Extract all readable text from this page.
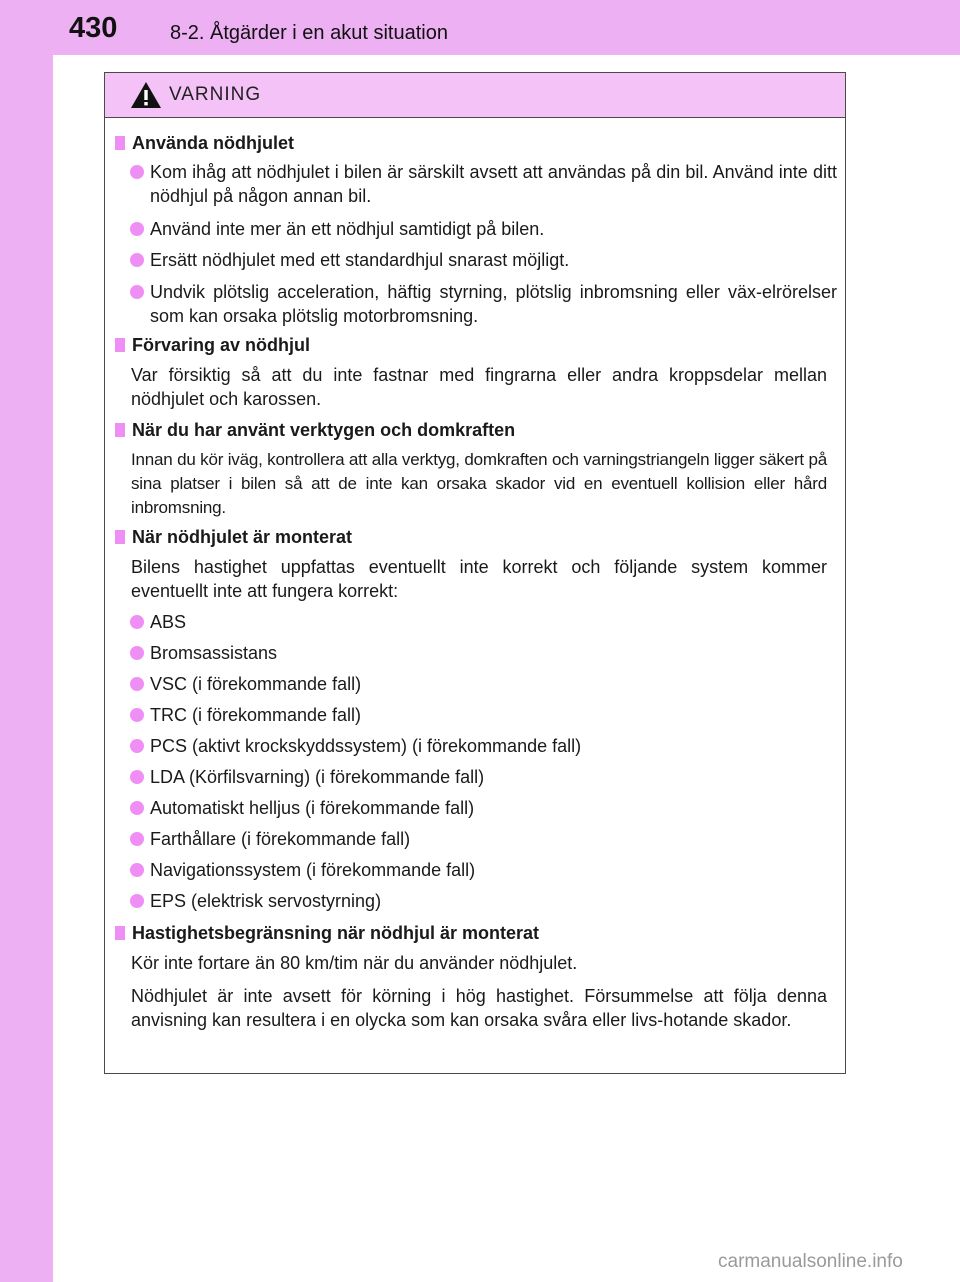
430	8-2. Åtgärder i en akut situation
VARNING
Använda nödhjulet
Kom ihåg att nödhjulet i bilen är särskilt avsett att användas på din bil. Använd inte ditt nödhjul på någon annan bil.
Använd inte mer än ett nödhjul samtidigt på bilen.
Ersätt nödhjulet med ett standardhjul snarast möjligt.
Undvik plötslig acceleration, häftig styrning, plötslig inbromsning eller väx-elrörelser som kan orsaka plötslig motorbromsning.
Förvaring av nödhjul
Var försiktig så att du inte fastnar med fingrarna eller andra kroppsdelar mellan nödhjulet och karossen.
När du har använt verktygen och domkraften
Innan du kör iväg, kontrollera att alla verktyg, domkraften och varningstriangeln ligger säkert på sina platser i bilen så att de inte kan orsaka skador vid en eventuell kollision eller hård inbromsning.
När nödhjulet är monterat
Bilens hastighet uppfattas eventuellt inte korrekt och följande system kommer eventuellt inte att fungera korrekt:
ABS
Bromsassistans
VSC (i förekommande fall)
TRC (i förekommande fall)
PCS (aktivt krockskyddssystem) (i förekommande fall)
LDA (Körfilsvarning) (i förekommande fall)
Automatiskt helljus (i förekommande fall)
Farthållare (i förekommande fall)
Navigationssystem (i förekommande fall)
EPS (elektrisk servostyrning)
Hastighetsbegränsning när nödhjul är monterat
Kör inte fortare än 80 km/tim när du använder nödhjulet.
Nödhjulet är inte avsett för körning i hög hastighet. Försummelse att följa denna anvisning kan resultera i en olycka som kan orsaka svåra eller livs-hotande skador.
carmanualsonline.info
